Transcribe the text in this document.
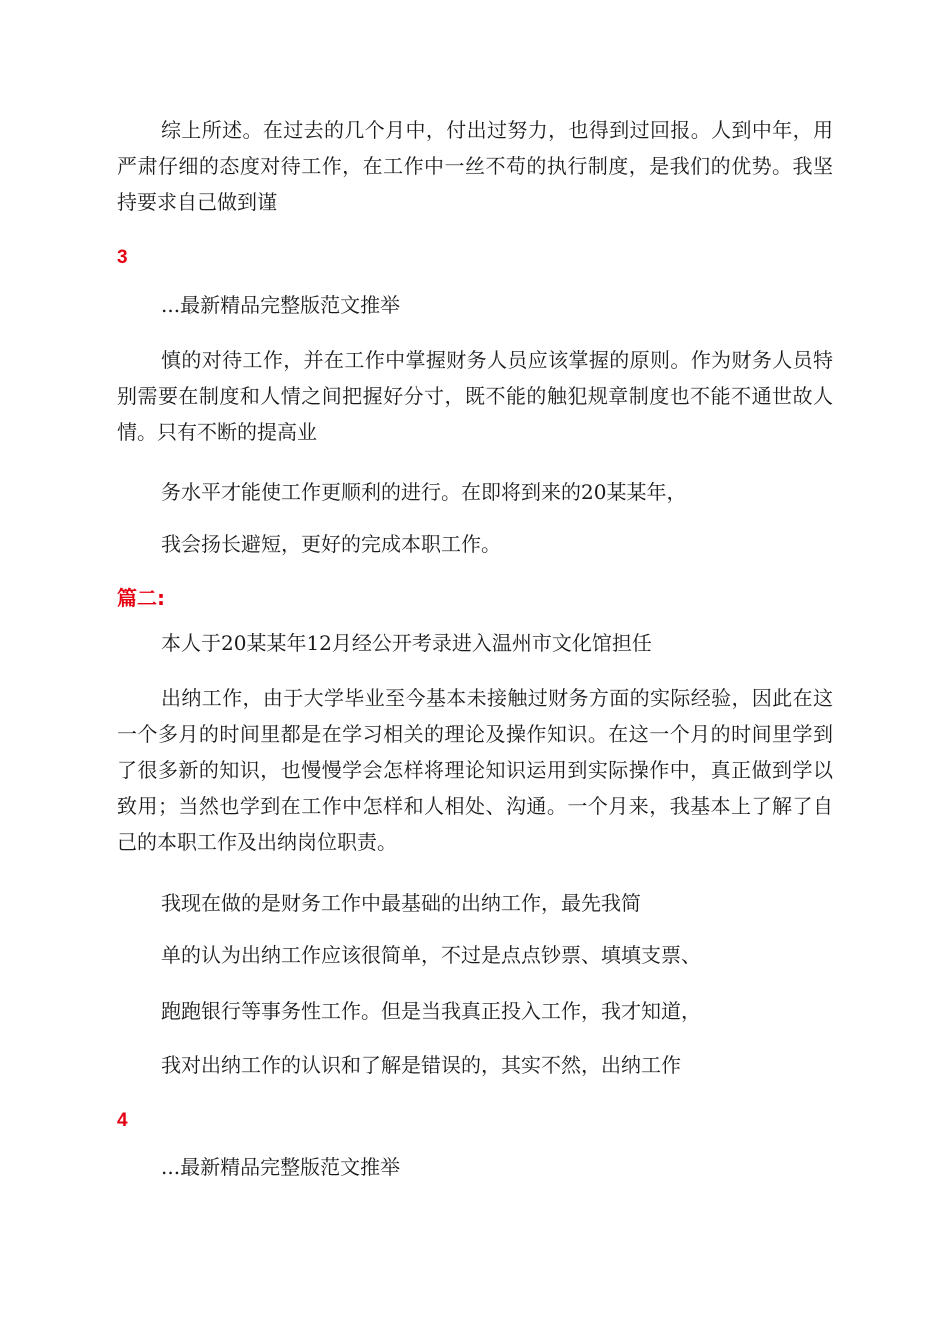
综上所述。在过去的几个月中，付出过努力，也得到过回报。人到中年，用严肃仔细的态度对待工作，在工作中一丝不苟的执行制度，是我们的优势。我坚持要求自己做到谨

3

...最新精品完整版范文推举

慎的对待工作，并在工作中掌握财务人员应该掌握的原则。作为财务人员特别需要在制度和人情之间把握好分寸，既不能的触犯规章制度也不能不通世故人情。只有不断的提高业

务水平才能使工作更顺利的进行。在即将到来的20某某年，

我会扬长避短，更好的完成本职工作。

篇二:

本人于20某某年12月经公开考录进入温州市文化馆担任

出纳工作，由于大学毕业至今基本未接触过财务方面的实际经验，因此在这一个多月的时间里都是在学习相关的理论及操作知识。在这一个月的时间里学到了很多新的知识，也慢慢学会怎样将理论知识运用到实际操作中，真正做到学以致用；当然也学到在工作中怎样和人相处、沟通。一个月来，我基本上了解了自己的本职工作及出纳岗位职责。

我现在做的是财务工作中最基础的出纳工作，最先我简

单的认为出纳工作应该很简单，不过是点点钞票、填填支票、

跑跑银行等事务性工作。但是当我真正投入工作，我才知道，

我对出纳工作的认识和了解是错误的，其实不然，出纳工作

4

...最新精品完整版范文推举
